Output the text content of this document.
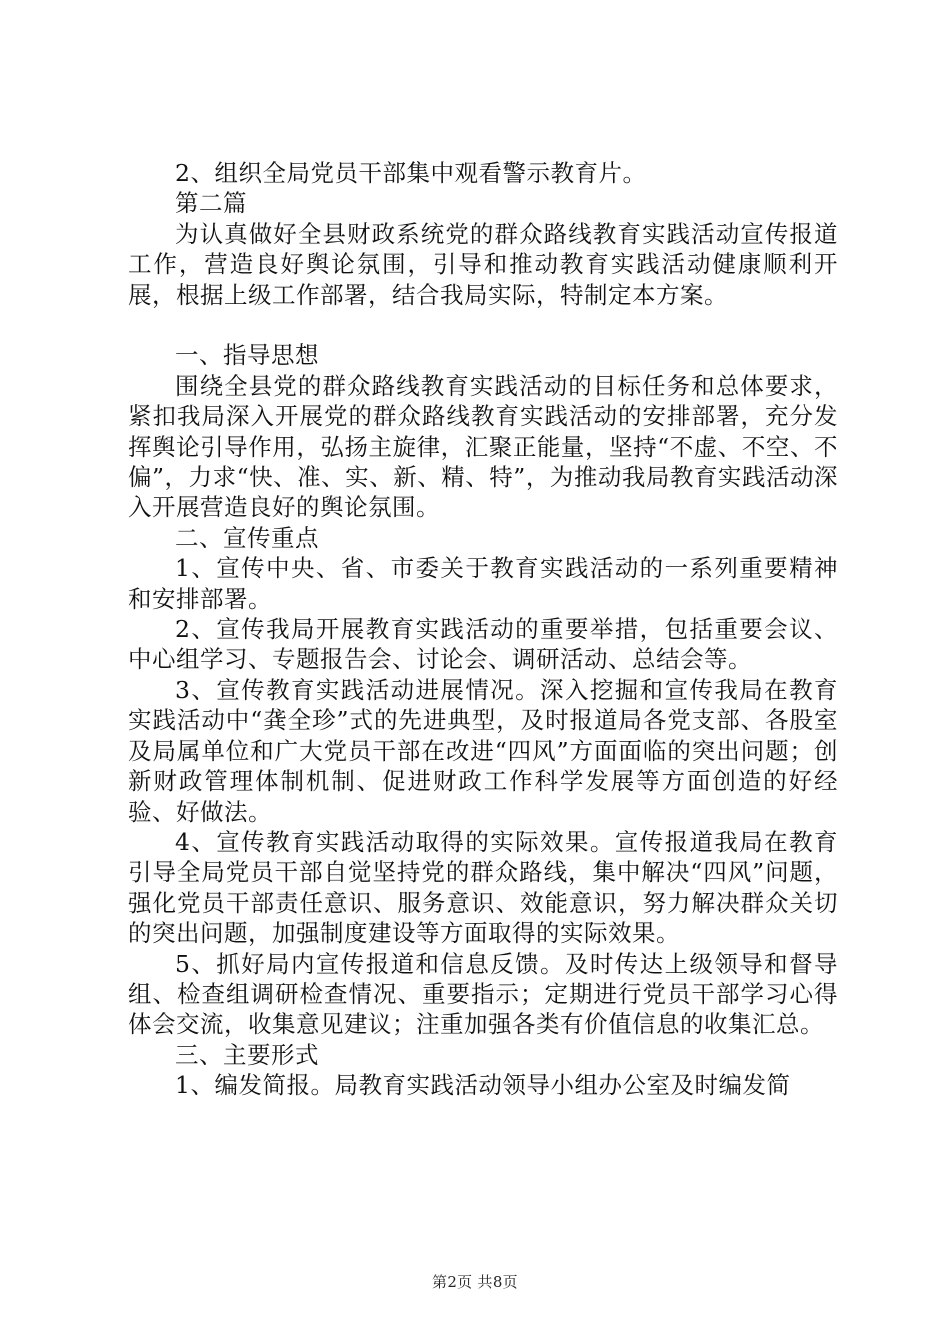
2、组织全局党员干部集中观看警示教育片。

第二篇

为认真做好全县财政系统党的群众路线教育实践活动宣传报道工作，营造良好舆论氛围，引导和推动教育实践活动健康顺利开展，根据上级工作部署，结合我局实际，特制定本方案。

一、指导思想

围绕全县党的群众路线教育实践活动的目标任务和总体要求，紧扣我局深入开展党的群众路线教育实践活动的安排部署，充分发挥舆论引导作用，弘扬主旋律，汇聚正能量，坚持“不虚、不空、不偏”，力求“快、准、实、新、精、特”，为推动我局教育实践活动深入开展营造良好的舆论氛围。

二、宣传重点

1、宣传中央、省、市委关于教育实践活动的一系列重要精神和安排部署。

2、宣传我局开展教育实践活动的重要举措，包括重要会议、中心组学习、专题报告会、讨论会、调研活动、总结会等。

3、宣传教育实践活动进展情况。深入挖掘和宣传我局在教育实践活动中“龚全珍”式的先进典型，及时报道局各党支部、各股室及局属单位和广大党员干部在改进“四风”方面面临的突出问题；创新财政管理体制机制、促进财政工作科学发展等方面创造的好经验、好做法。

4、宣传教育实践活动取得的实际效果。宣传报道我局在教育引导全局党员干部自觉坚持党的群众路线，集中解决“四风”问题，强化党员干部责任意识、服务意识、效能意识，努力解决群众关切的突出问题，加强制度建设等方面取得的实际效果。

5、抓好局内宣传报道和信息反馈。及时传达上级领导和督导组、检查组调研检查情况、重要指示；定期进行党员干部学习心得体会交流，收集意见建议；注重加强各类有价值信息的收集汇总。

三、主要形式

1、编发简报。局教育实践活动领导小组办公室及时编发简

第2页 共8页
